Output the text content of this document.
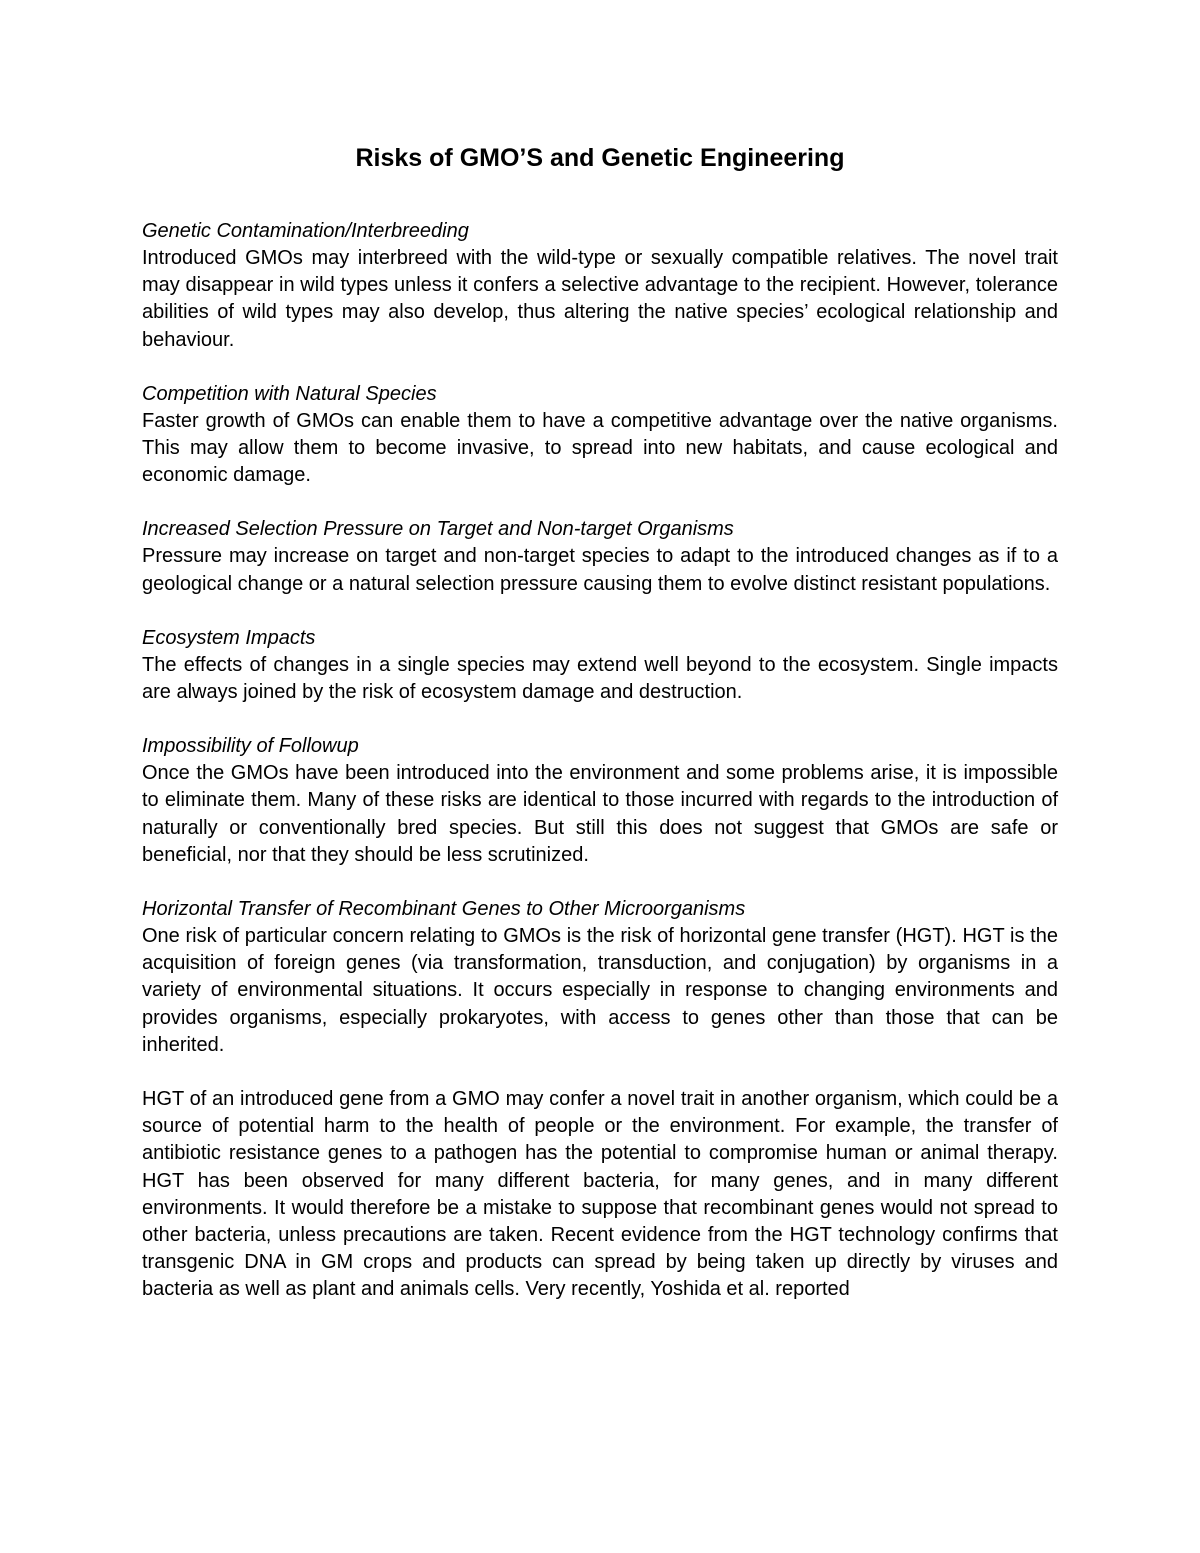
Risks of GMO’S and Genetic Engineering
Genetic Contamination/Interbreeding

Introduced GMOs may interbreed with the wild-type or sexually compatible relatives. The novel trait may disappear in wild types unless it confers a selective advantage to the recipient. However, tolerance abilities of wild types may also develop, thus altering the native species’ ecological relationship and behaviour.

Competition with Natural Species

Faster growth of GMOs can enable them to have a competitive advantage over the native organisms. This may allow them to become invasive, to spread into new habitats, and cause ecological and economic damage.

Increased Selection Pressure on Target and Non-target Organisms

Pressure may increase on target and non-target species to adapt to the introduced changes as if to a geological change or a natural selection pressure causing them to evolve distinct resistant populations.

Ecosystem Impacts

The effects of changes in a single species may extend well beyond to the ecosystem. Single impacts are always joined by the risk of ecosystem damage and destruction.

Impossibility of Followup

Once the GMOs have been introduced into the environment and some problems arise, it is impossible to eliminate them. Many of these risks are identical to those incurred with regards to the introduction of naturally or conventionally bred species. But still this does not suggest that GMOs are safe or beneficial, nor that they should be less scrutinized.

Horizontal Transfer of Recombinant Genes to Other Microorganisms

One risk of particular concern relating to GMOs is the risk of horizontal gene transfer (HGT). HGT is the acquisition of foreign genes (via transformation, transduction, and conjugation) by organisms in a variety of environmental situations. It occurs especially in response to changing environments and provides organisms, especially prokaryotes, with access to genes other than those that can be inherited.

HGT of an introduced gene from a GMO may confer a novel trait in another organism, which could be a source of potential harm to the health of people or the environment. For example, the transfer of antibiotic resistance genes to a pathogen has the potential to compromise human or animal therapy. HGT has been observed for many different bacteria, for many genes, and in many different environments. It would therefore be a mistake to suppose that recombinant genes would not spread to other bacteria, unless precautions are taken. Recent evidence from the HGT technology confirms that transgenic DNA in GM crops and products can spread by being taken up directly by viruses and bacteria as well as plant and animals cells. Very recently, Yoshida et al. reported
